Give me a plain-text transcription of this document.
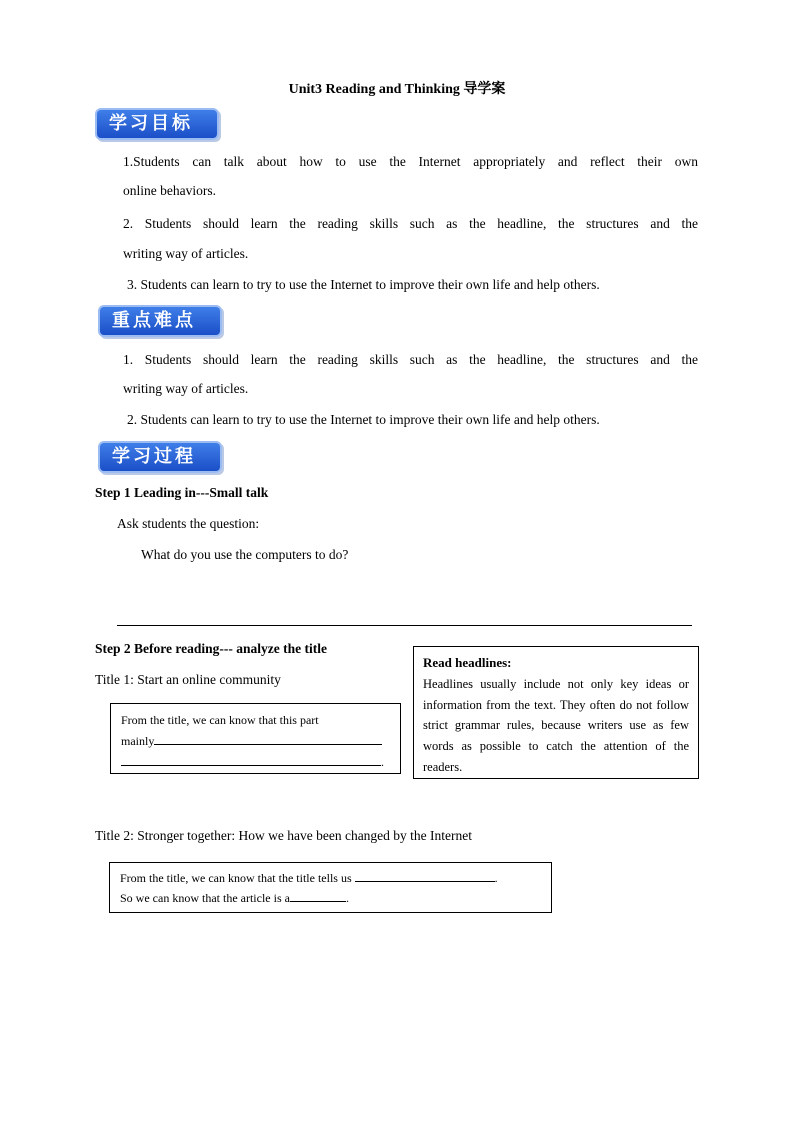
Unit3 Reading and Thinking 导学案
学习目标
1.Students can talk about how to use the Internet appropriately and reflect their own
online behaviors.
2. Students should learn the reading skills such as the headline, the structures and the
writing way of articles.
3. Students can learn to try to use the Internet to improve their own life and help others.
重点难点
1. Students should learn the reading skills such as the headline, the structures and the
writing way of articles.
2. Students can learn to try to use the Internet to improve their own life and help others.
学习过程
Step 1 Leading in---Small talk
Ask students the question:
What do you use the computers to do?
Step 2 Before reading--- analyze the title
Title 1: Start an online community
From the title, we can know that this part
mainly
.
Read headlines:
Headlines usually include not only key ideas or information from the text. They often do not follow strict grammar rules, because writers use as few words as possible to catch the attention of the readers.
Title 2: Stronger together: How we have been changed by the Internet
From the title, we can know that the title tells us	.
So we can know that the article is a	.
